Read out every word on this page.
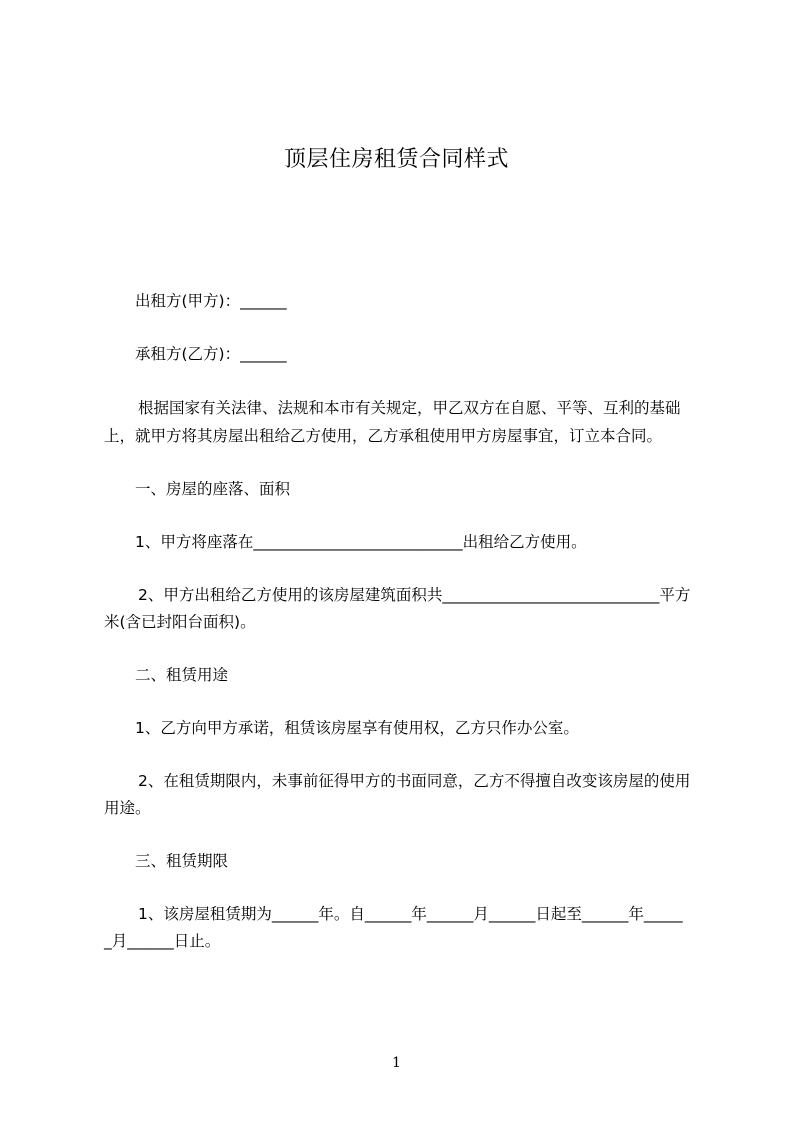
顶层住房租赁合同样式
出租方(甲方)：______
承租方(乙方)：______
根据国家有关法律、法规和本市有关规定，甲乙双方在自愿、平等、互利的基础
上，就甲方将其房屋出租给乙方使用，乙方承租使用甲方房屋事宜，订立本合同。
一、房屋的座落、面积
1、甲方将座落在___________________________出租给乙方使用。
2、甲方出租给乙方使用的该房屋建筑面积共____________________________平方
米(含已封阳台面积)。
二、租赁用途
1、乙方向甲方承诺，租赁该房屋享有使用权，乙方只作办公室。
2、在租赁期限内，未事前征得甲方的书面同意，乙方不得擅自改变该房屋的使用
用途。
三、租赁期限
1、该房屋租赁期为______年。自______年______月______日起至______年_____
_月______日止。
1
